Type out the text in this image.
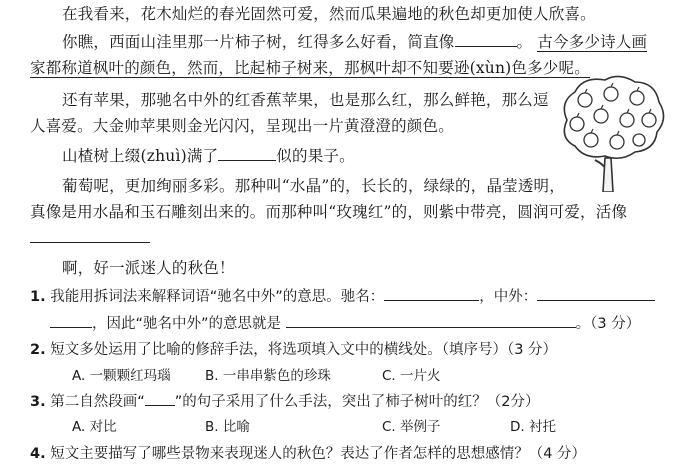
在我看来，花木灿烂的春光固然可爱，然而瓜果遍地的秋色却更加使人欣喜。
你瞧，西面山洼里那一片柿子树，红得多么好看，简直像	。 古今多少诗人画
家都称道枫叶的颜色，然而，比起柿子树来，那枫叶却不知要逊(xùn)色多少呢。
还有苹果，那驰名中外的红香蕉苹果，也是那么红，那么鲜艳，那么逗
人喜爱。大金帅苹果则金光闪闪，呈现出一片黄澄澄的颜色。
山楂树上缀(zhuì)满了	似的果子。
葡萄呢，更加绚丽多彩。那种叫“水晶”的，长长的，绿绿的，晶莹透明，
真像是用水晶和玉石雕刻出来的。而那种叫“玫瑰红”的，则紫中带亮，圆润可爱，活像
啊，好一派迷人的秋色！
1. 我能用拆词法来解释词语“驰名中外”的意思。驰名：	，中外：
，因此“驰名中外”的意思就是	。（3 分）
2. 短文多处运用了比喻的修辞手法，将选项填入文中的横线处。（填序号）（3 分）
A. 一颗颗红玛瑙	B. 一串串紫色的珍珠	C. 一片火
3. 第二自然段画“ ”的句子采用了什么手法，突出了柿子树叶的红？（2分）
A. 对比	B. 比喻	C. 举例子	D. 衬托
4. 短文主要描写了哪些景物来表现迷人的秋色？表达了作者怎样的思想感情？（4 分）
